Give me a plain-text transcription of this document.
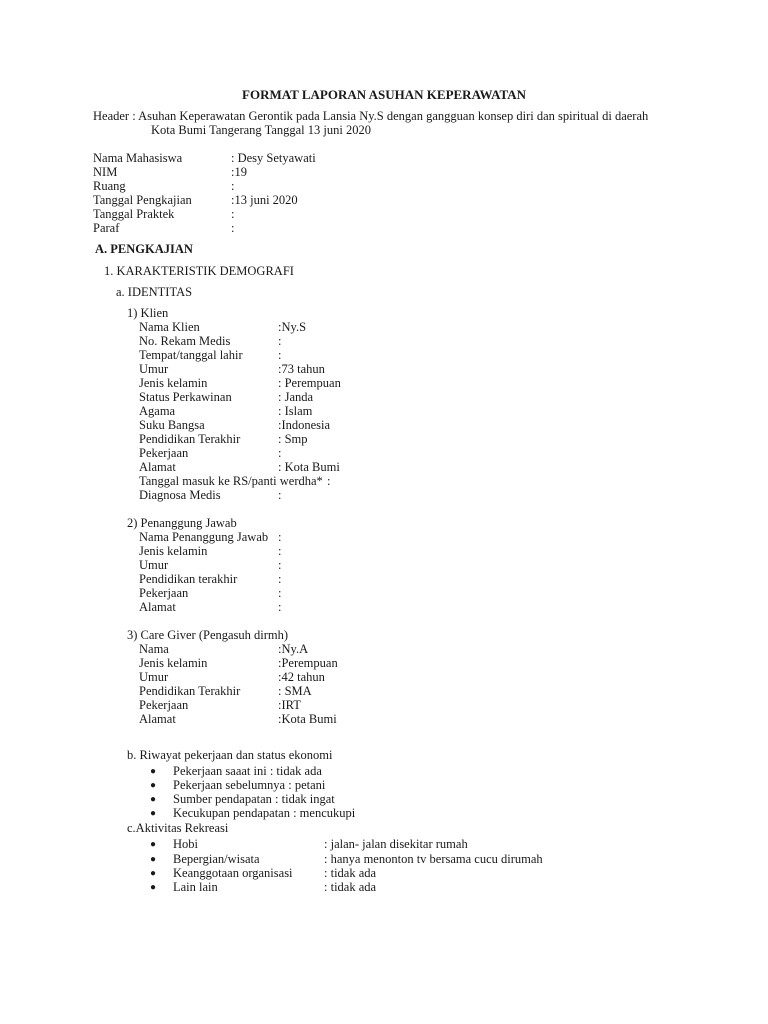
FORMAT LAPORAN ASUHAN KEPERAWATAN
Header : Asuhan Keperawatan Gerontik pada Lansia Ny.S dengan gangguan konsep diri dan spiritual di daerah
Kota Bumi Tangerang Tanggal 13 juni 2020
Nama Mahasiswa	: Desy Setyawati
NIM	:19
Ruang	:
Tanggal Pengkajian	:13 juni 2020
Tanggal Praktek	:
Paraf	:
A. PENGKAJIAN
1. KARAKTERISTIK DEMOGRAFI
a. IDENTITAS
1) Klien
Nama Klien	:Ny.S
No. Rekam Medis	:
Tempat/tanggal lahir	:
Umur	:73 tahun
Jenis kelamin	: Perempuan
Status Perkawinan	: Janda
Agama	: Islam
Suku Bangsa	:Indonesia
Pendidikan Terakhir	: Smp
Pekerjaan	:
Alamat	: Kota Bumi
Tanggal masuk ke RS/panti werdha* :
Diagnosa Medis	:
2) Penanggung Jawab
Nama Penanggung Jawab :
Jenis kelamin	:
Umur	:
Pendidikan terakhir	:
Pekerjaan	:
Alamat	:
3) Care Giver (Pengasuh dirmh)
Nama	:Ny.A
Jenis kelamin	:Perempuan
Umur	:42 tahun
Pendidikan Terakhir	: SMA
Pekerjaan	:IRT
Alamat	:Kota Bumi
b. Riwayat pekerjaan dan status ekonomi
● Pekerjaan saaat ini : tidak ada
● Pekerjaan sebelumnya : petani
● Sumber pendapatan : tidak ingat
● Kecukupan pendapatan : mencukupi
c.Aktivitas Rekreasi
● Hobi	: jalan- jalan disekitar rumah
● Bepergian/wisata	: hanya menonton tv bersama cucu dirumah
● Keanggotaan organisasi	: tidak ada
● Lain lain	: tidak ada
